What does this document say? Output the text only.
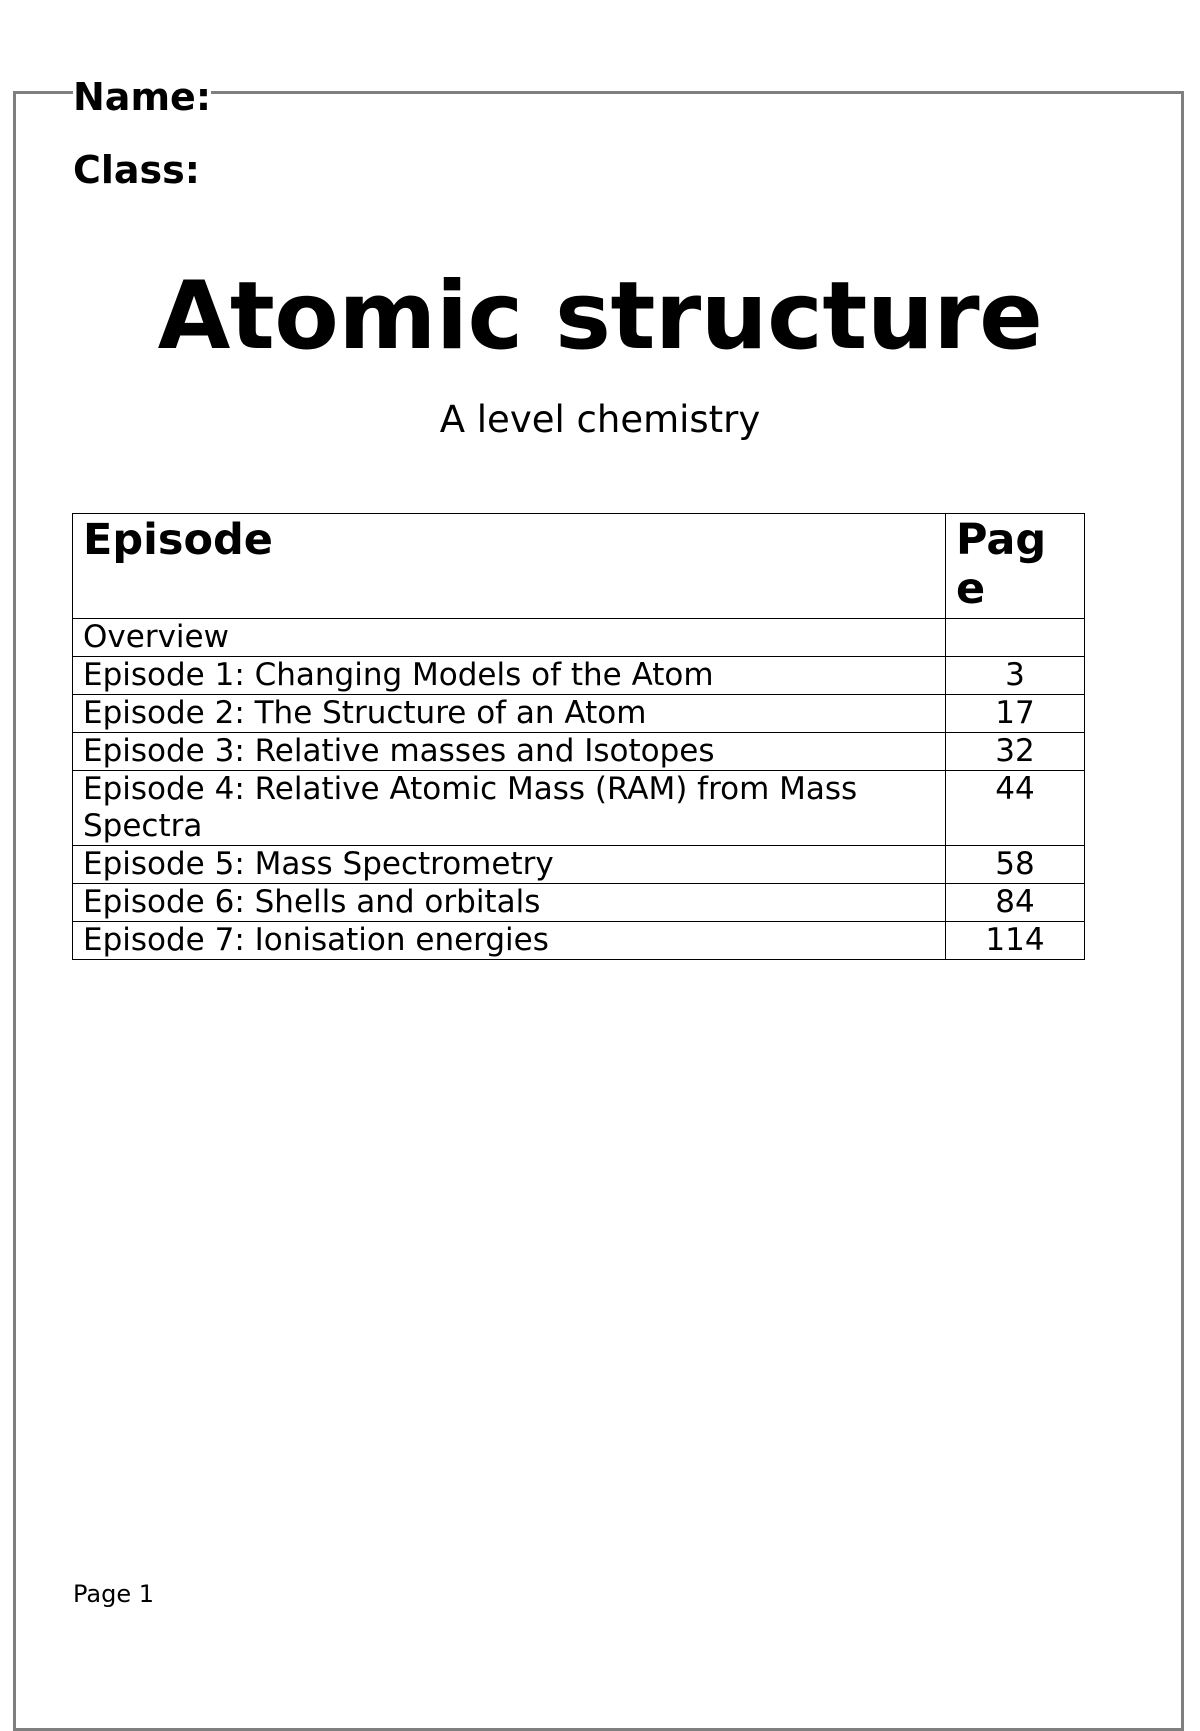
Name:
Class:
Atomic structure
A level chemistry
Episode	Page
Overview	
Episode 1: Changing Models of the Atom	3
Episode 2: The Structure of an Atom	17
Episode 3: Relative masses and Isotopes	32
Episode 4: Relative Atomic Mass (RAM) from Mass Spectra	44
Episode 5: Mass Spectrometry	58
Episode 6: Shells and orbitals	84
Episode 7: Ionisation energies	114
Page 1
